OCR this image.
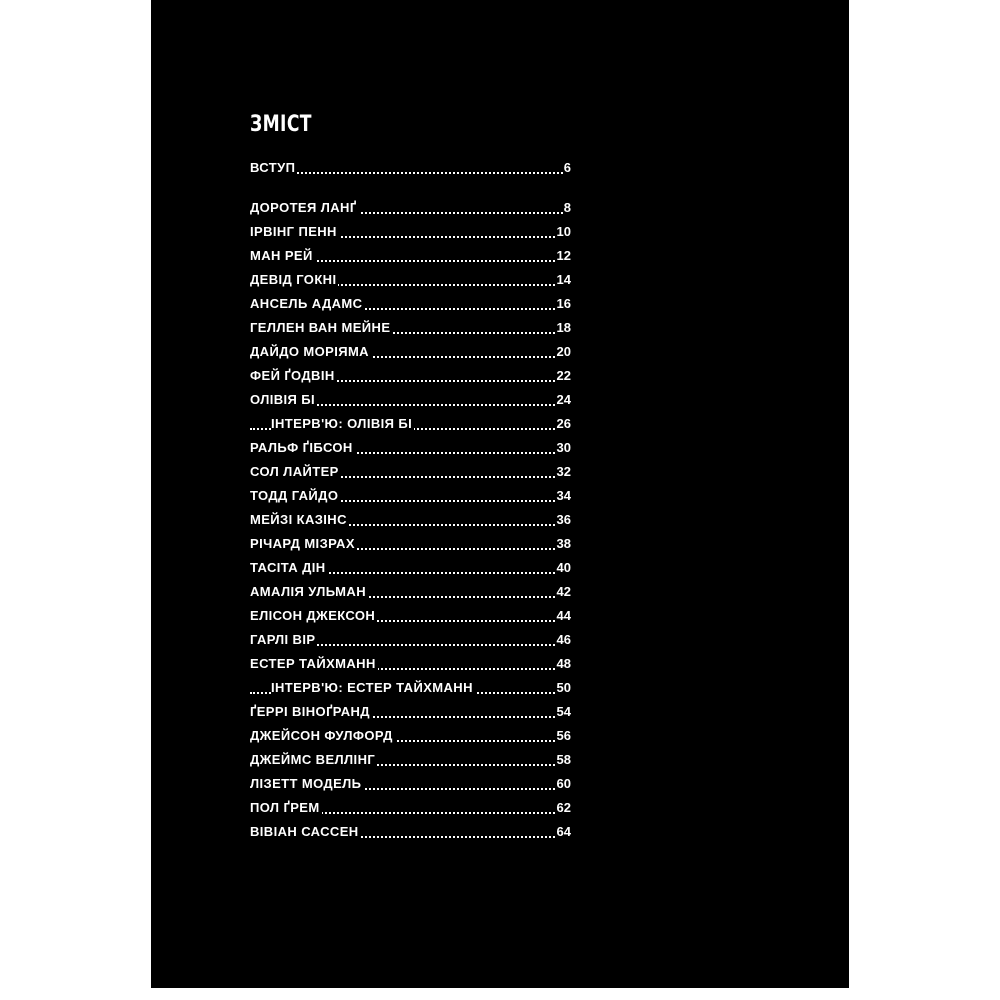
ЗМІСТ
ВСТУП	6
ДОРОТЕЯ ЛАНҐ	8
ІРВІНГ ПЕНН	10
МАН РЕЙ	12
ДЕВІД ГОКНІ	14
АНСЕЛЬ АДАМС	16
ГЕЛЛЕН ВАН МЕЙНЕ	18
ДАЙДО МОРІЯМА	20
ФЕЙ ҐОДВІН	22
ОЛІВІЯ БІ	24
ІНТЕРВ'Ю: ОЛІВІЯ БІ	26
РАЛЬФ ҐІБСОН	30
СОЛ ЛАЙТЕР	32
ТОДД ГАЙДО	34
МЕЙЗІ КАЗІНС	36
РІЧАРД МІЗРАХ	38
ТАСІТА ДІН	40
АМАЛІЯ УЛЬМАН	42
ЕЛІСОН ДЖЕКСОН	44
ГАРЛІ ВІР	46
ЕСТЕР ТАЙХМАНН	48
ІНТЕРВ'Ю: ЕСТЕР ТАЙХМАНН	50
ҐЕРРІ ВІНОҐРАНД	54
ДЖЕЙСОН ФУЛФОРД	56
ДЖЕЙМС ВЕЛЛІНГ	58
ЛІЗЕТТ МОДЕЛЬ	60
ПОЛ ҐРЕМ	62
ВІВІАН САССЕН	64
